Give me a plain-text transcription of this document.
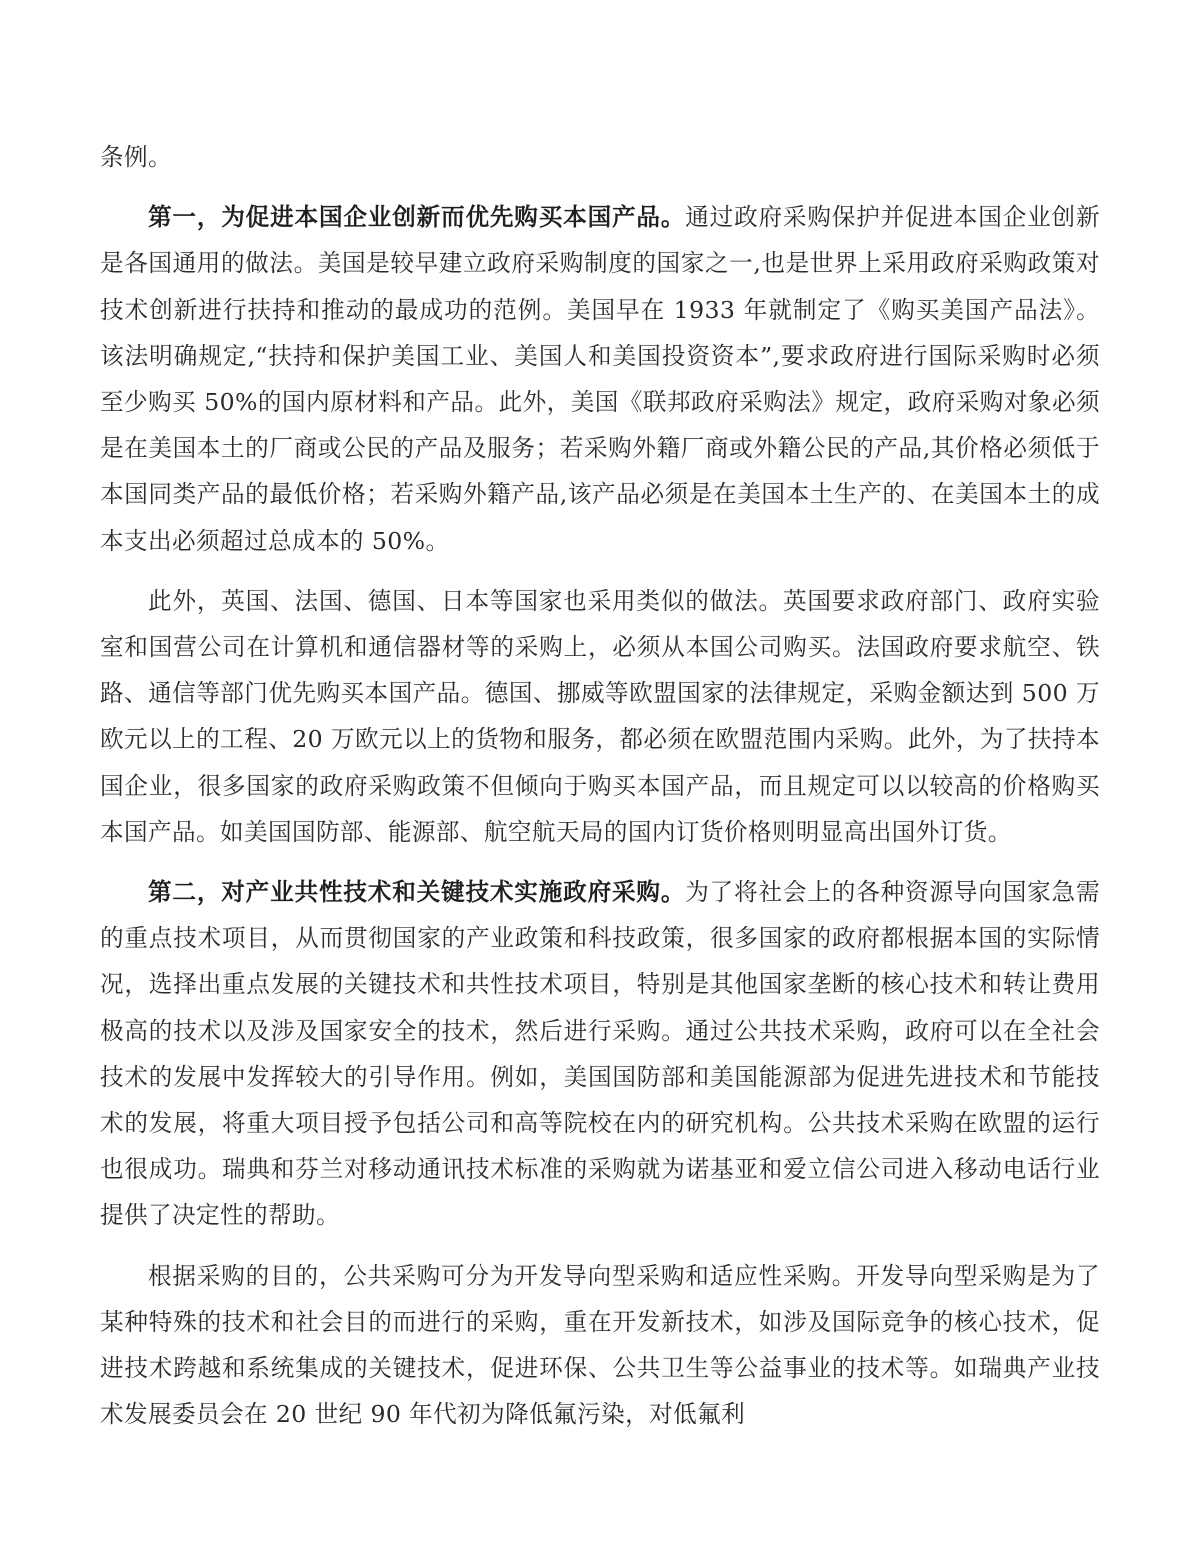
条例。

第一，为促进本国企业创新而优先购买本国产品。通过政府采购保护并促进本国企业创新是各国通用的做法。美国是较早建立政府采购制度的国家之一,也是世界上采用政府采购政策对技术创新进行扶持和推动的最成功的范例。美国早在 1933 年就制定了《购买美国产品法》。该法明确规定,“扶持和保护美国工业、美国人和美国投资资本”,要求政府进行国际采购时必须至少购买 50%的国内原材料和产品。此外，美国《联邦政府采购法》规定，政府采购对象必须是在美国本土的厂商或公民的产品及服务；若采购外籍厂商或外籍公民的产品,其价格必须低于本国同类产品的最低价格；若采购外籍产品,该产品必须是在美国本土生产的、在美国本土的成本支出必须超过总成本的 50%。

此外，英国、法国、德国、日本等国家也采用类似的做法。英国要求政府部门、政府实验室和国营公司在计算机和通信器材等的采购上，必须从本国公司购买。法国政府要求航空、铁路、通信等部门优先购买本国产品。德国、挪威等欧盟国家的法律规定，采购金额达到 500 万欧元以上的工程、20 万欧元以上的货物和服务，都必须在欧盟范围内采购。此外，为了扶持本国企业，很多国家的政府采购政策不但倾向于购买本国产品，而且规定可以以较高的价格购买本国产品。如美国国防部、能源部、航空航天局的国内订货价格则明显高出国外订货。

第二，对产业共性技术和关键技术实施政府采购。为了将社会上的各种资源导向国家急需的重点技术项目，从而贯彻国家的产业政策和科技政策，很多国家的政府都根据本国的实际情况，选择出重点发展的关键技术和共性技术项目，特别是其他国家垄断的核心技术和转让费用极高的技术以及涉及国家安全的技术，然后进行采购。通过公共技术采购，政府可以在全社会技术的发展中发挥较大的引导作用。例如，美国国防部和美国能源部为促进先进技术和节能技术的发展，将重大项目授予包括公司和高等院校在内的研究机构。公共技术采购在欧盟的运行也很成功。瑞典和芬兰对移动通讯技术标准的采购就为诺基亚和爱立信公司进入移动电话行业提供了决定性的帮助。

根据采购的目的，公共采购可分为开发导向型采购和适应性采购。开发导向型采购是为了某种特殊的技术和社会目的而进行的采购，重在开发新技术，如涉及国际竞争的核心技术，促进技术跨越和系统集成的关键技术，促进环保、公共卫生等公益事业的技术等。如瑞典产业技术发展委员会在 20 世纪 90 年代初为降低氟污染，对低氟利
